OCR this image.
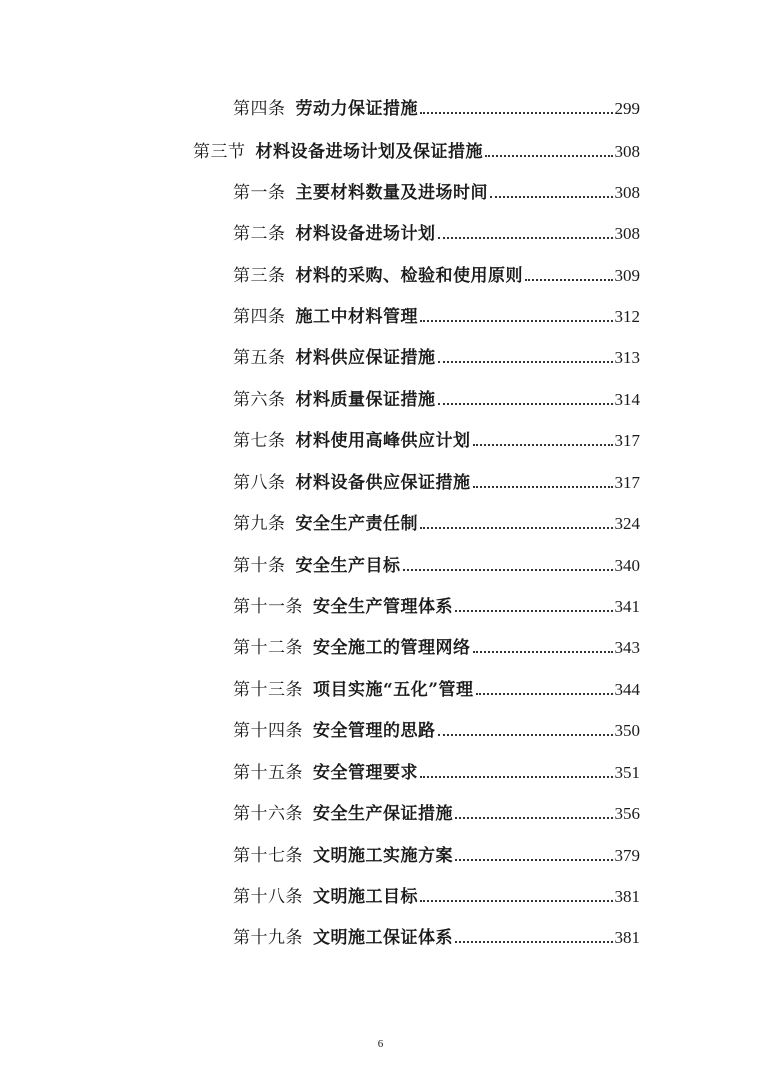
第四条 劳动力保证措施	299
第三节 材料设备进场计划及保证措施	308
第一条 主要材料数量及进场时间	308
第二条 材料设备进场计划	308
第三条 材料的采购、检验和使用原则	309
第四条 施工中材料管理	312
第五条 材料供应保证措施	313
第六条 材料质量保证措施	314
第七条 材料使用高峰供应计划	317
第八条 材料设备供应保证措施	317
第九条 安全生产责任制	324
第十条 安全生产目标	340
第十一条 安全生产管理体系	341
第十二条 安全施工的管理网络	343
第十三条 项目实施“五化”管理	344
第十四条 安全管理的思路	350
第十五条 安全管理要求	351
第十六条 安全生产保证措施	356
第十七条 文明施工实施方案	379
第十八条 文明施工目标	381
第十九条 文明施工保证体系	381
6
